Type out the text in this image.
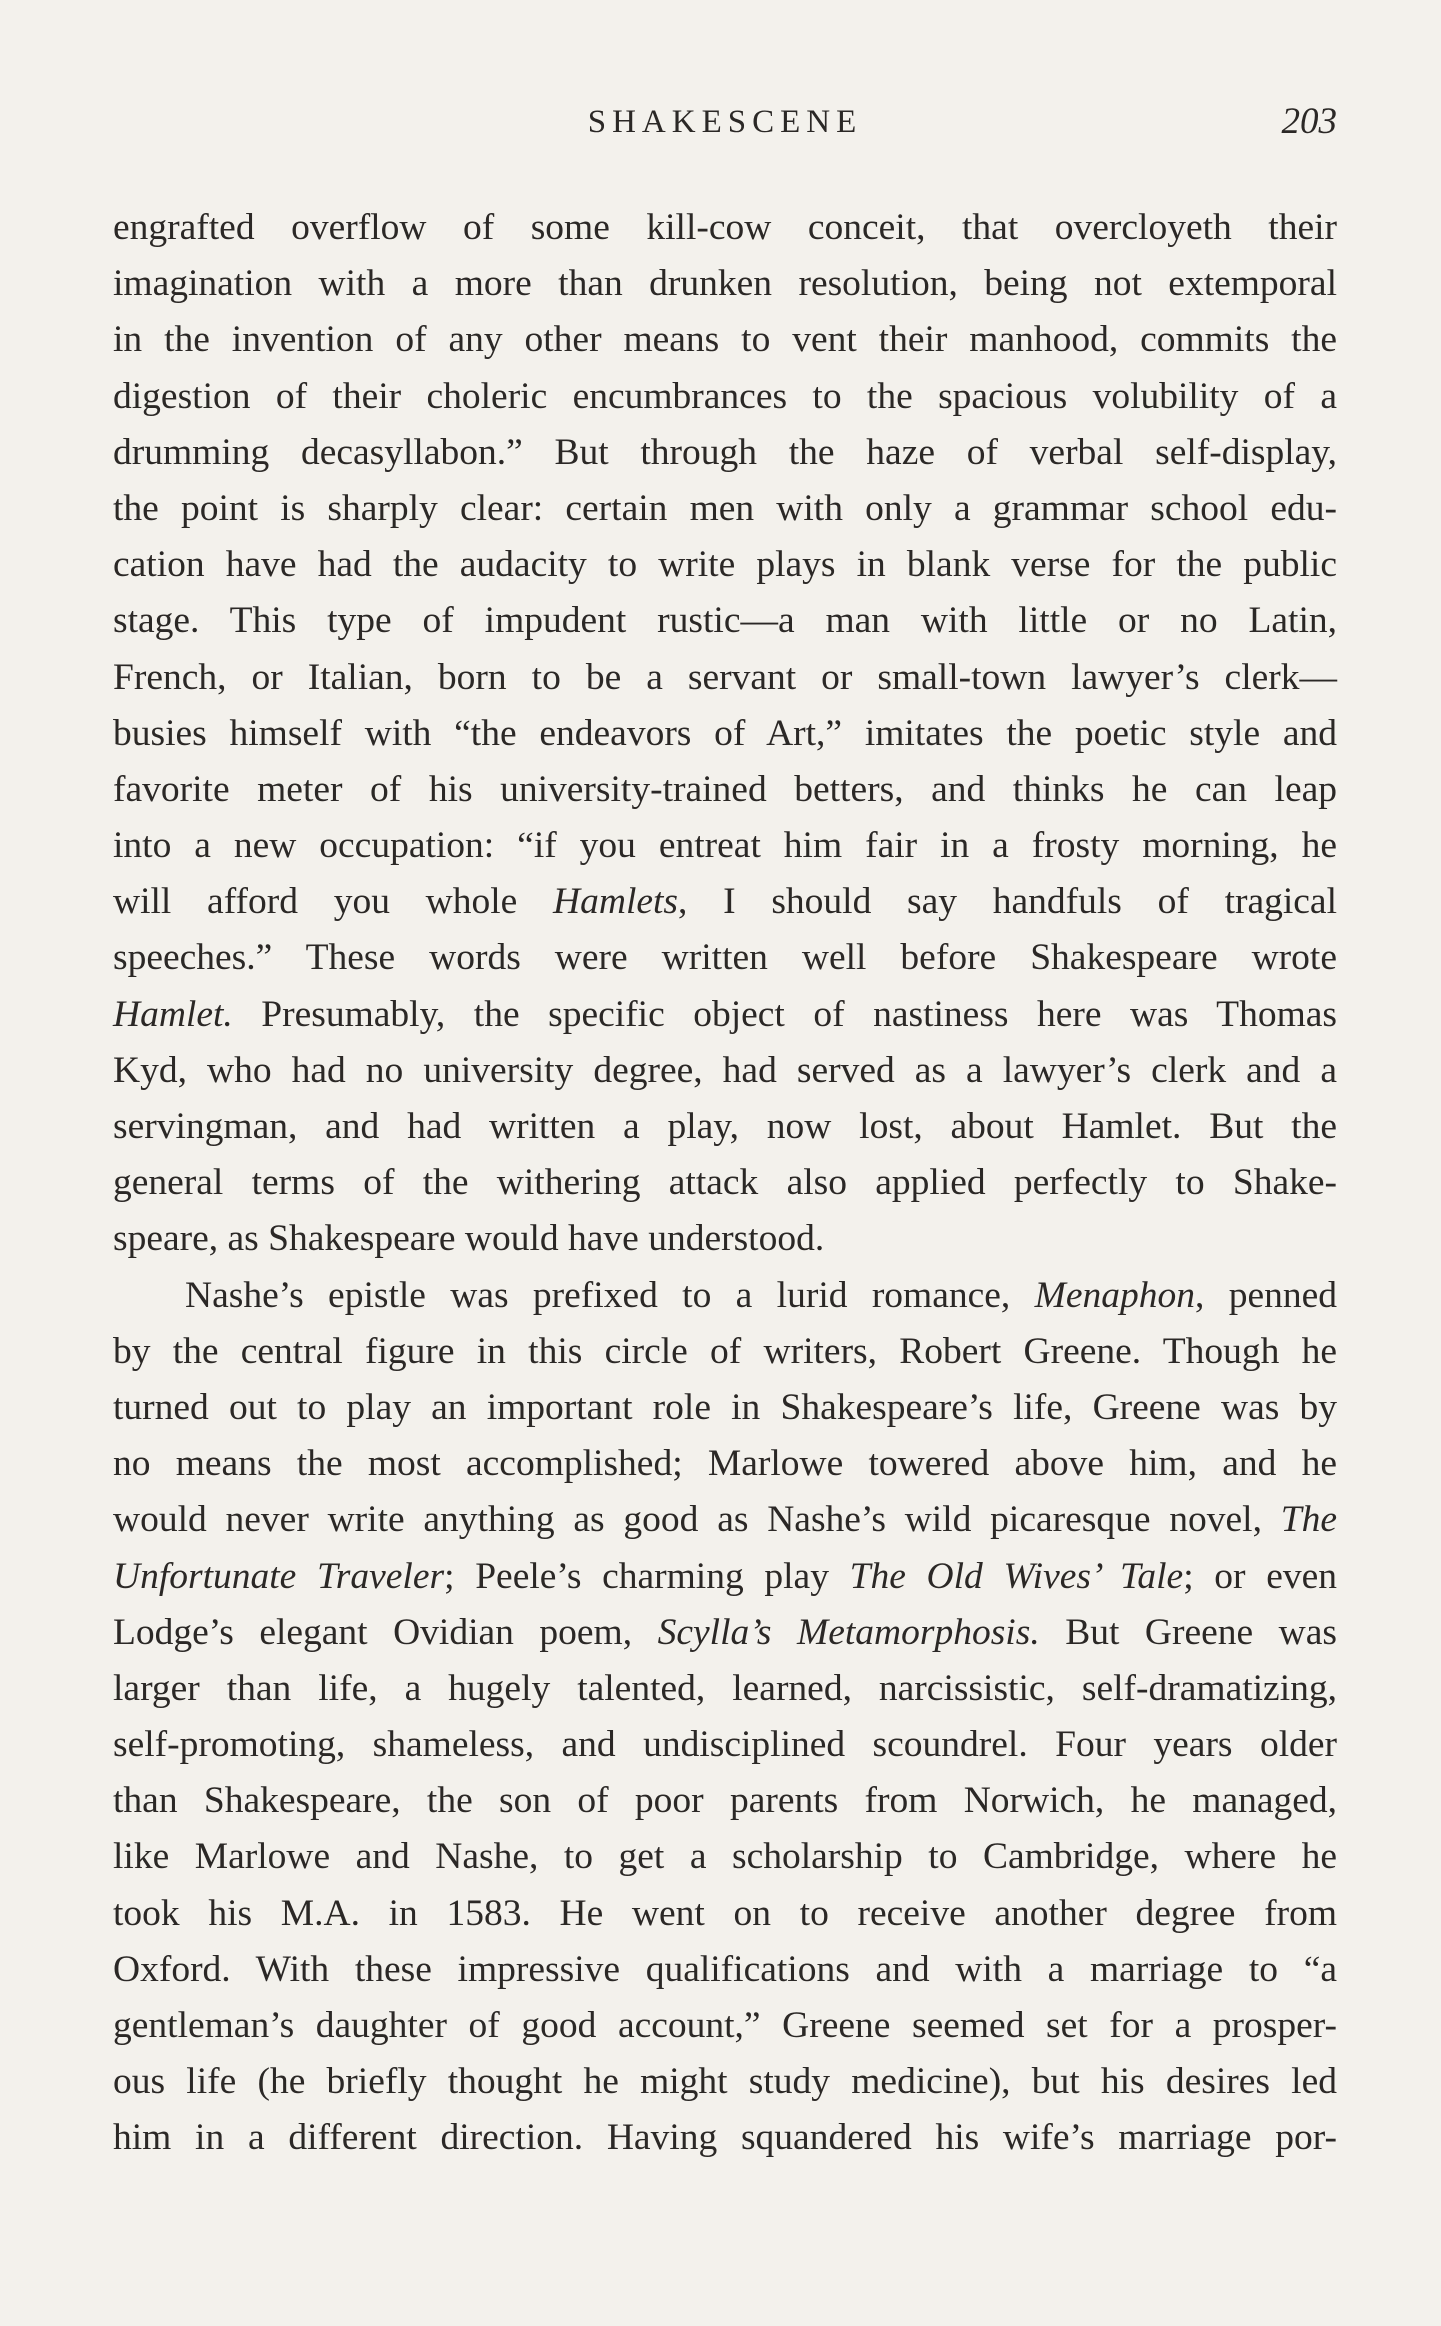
SHAKESCENE	203
engrafted overflow of some kill-cow conceit, that overcloyeth their
imagination with a more than drunken resolution, being not extemporal
in the invention of any other means to vent their manhood, commits the
digestion of their choleric encumbrances to the spacious volubility of a
drumming decasyllabon.” But through the haze of verbal self-display,
the point is sharply clear: certain men with only a grammar school edu-
cation have had the audacity to write plays in blank verse for the public
stage. This type of impudent rustic—a man with little or no Latin,
French, or Italian, born to be a servant or small-town lawyer’s clerk—
busies himself with “the endeavors of Art,” imitates the poetic style and
favorite meter of his university-trained betters, and thinks he can leap
into a new occupation: “if you entreat him fair in a frosty morning, he
will afford you whole Hamlets, I should say handfuls of tragical
speeches.” These words were written well before Shakespeare wrote
Hamlet. Presumably, the specific object of nastiness here was Thomas
Kyd, who had no university degree, had served as a lawyer’s clerk and a
servingman, and had written a play, now lost, about Hamlet. But the
general terms of the withering attack also applied perfectly to Shake-
speare, as Shakespeare would have understood.
Nashe’s epistle was prefixed to a lurid romance, Menaphon, penned
by the central figure in this circle of writers, Robert Greene. Though he
turned out to play an important role in Shakespeare’s life, Greene was by
no means the most accomplished; Marlowe towered above him, and he
would never write anything as good as Nashe’s wild picaresque novel, The
Unfortunate Traveler; Peele’s charming play The Old Wives’ Tale; or even
Lodge’s elegant Ovidian poem, Scylla’s Metamorphosis. But Greene was
larger than life, a hugely talented, learned, narcissistic, self-dramatizing,
self-promoting, shameless, and undisciplined scoundrel. Four years older
than Shakespeare, the son of poor parents from Norwich, he managed,
like Marlowe and Nashe, to get a scholarship to Cambridge, where he
took his M.A. in 1583. He went on to receive another degree from
Oxford. With these impressive qualifications and with a marriage to “a
gentleman’s daughter of good account,” Greene seemed set for a prosper-
ous life (he briefly thought he might study medicine), but his desires led
him in a different direction. Having squandered his wife’s marriage por-
